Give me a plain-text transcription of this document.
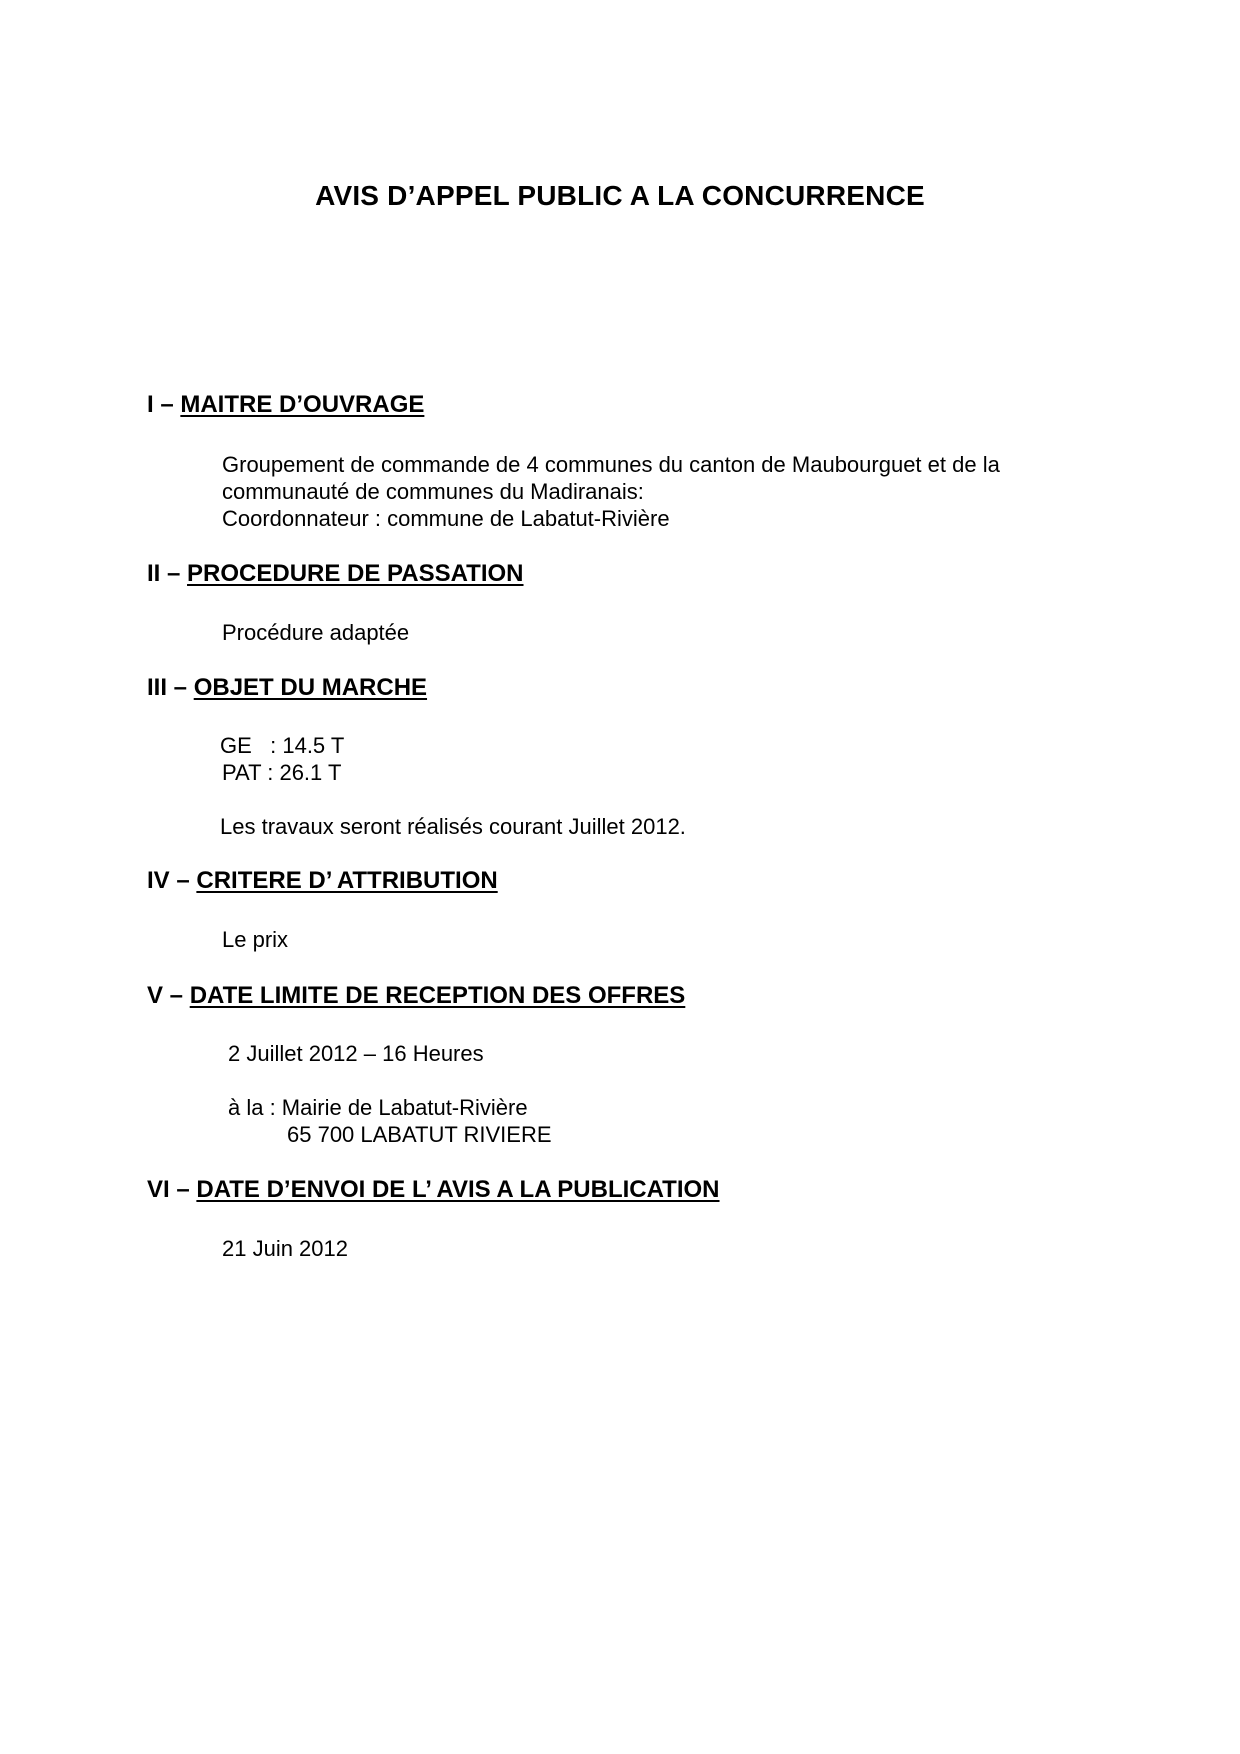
AVIS D’APPEL PUBLIC A LA CONCURRENCE
I – MAITRE D’OUVRAGE

Groupement de commande de 4 communes du canton de Maubourguet et de la

communauté de communes du Madiranais:

Coordonnateur : commune de Labatut-Rivière

II – PROCEDURE DE PASSATION

Procédure adaptée

III – OBJET DU MARCHE

GE   : 14.5 T

PAT : 26.1 T

Les travaux seront réalisés courant Juillet 2012.

IV – CRITERE D’ ATTRIBUTION

Le prix

V – DATE LIMITE DE RECEPTION DES OFFRES

2 Juillet 2012 – 16 Heures

à la : Mairie de Labatut-Rivière

65 700 LABATUT RIVIERE

VI – DATE D’ENVOI DE L’ AVIS A LA PUBLICATION

21 Juin 2012
